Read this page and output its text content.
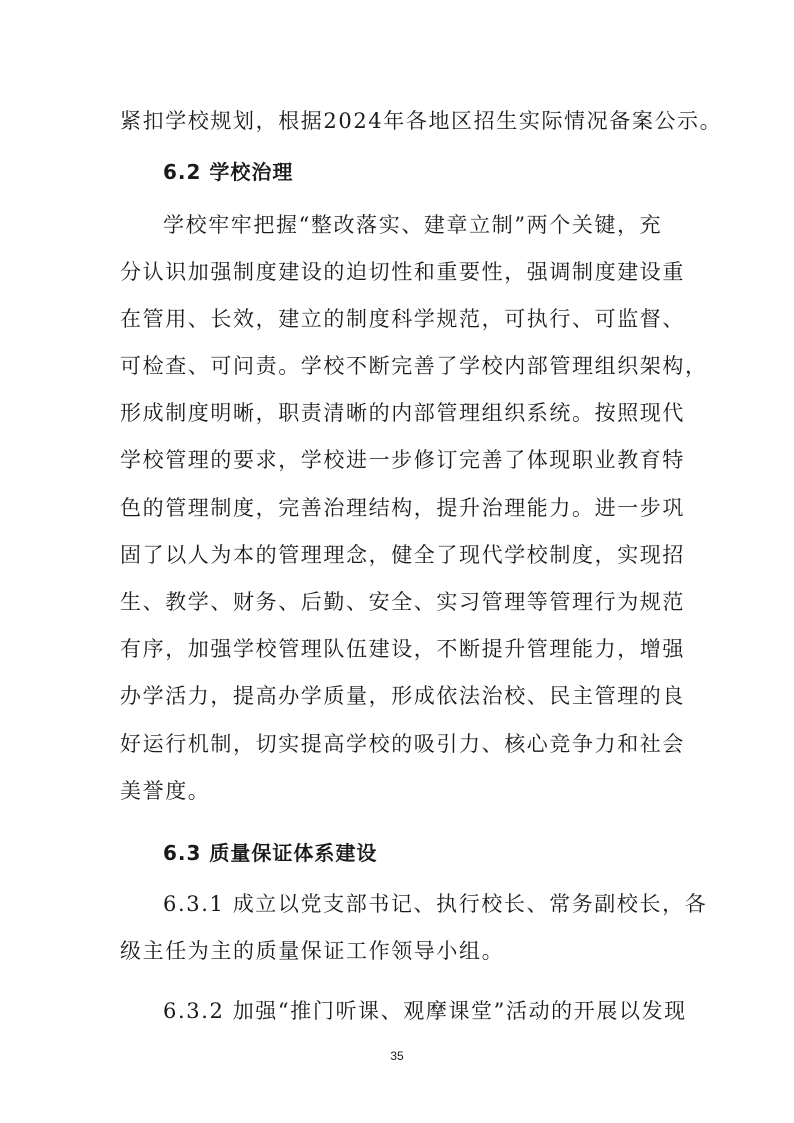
紧扣学校规划，根据2024年各地区招生实际情况备案公示。
6.2 学校治理
学校牢牢把握“整改落实、建章立制”两个关键，充
分认识加强制度建设的迫切性和重要性，强调制度建设重
在管用、长效，建立的制度科学规范，可执行、可监督、
可检查、可问责。学校不断完善了学校内部管理组织架构，
形成制度明晰，职责清晰的内部管理组织系统。按照现代
学校管理的要求，学校进一步修订完善了体现职业教育特
色的管理制度，完善治理结构，提升治理能力。进一步巩
固了以人为本的管理理念，健全了现代学校制度，实现招
生、教学、财务、后勤、安全、实习管理等管理行为规范
有序，加强学校管理队伍建设，不断提升管理能力，增强
办学活力，提高办学质量，形成依法治校、民主管理的良
好运行机制，切实提高学校的吸引力、核心竞争力和社会
美誉度。
6.3 质量保证体系建设
6.3.1 成立以党支部书记、执行校长、常务副校长，各
级主任为主的质量保证工作领导小组。
6.3.2 加强“推门听课、观摩课堂”活动的开展以发现
35
